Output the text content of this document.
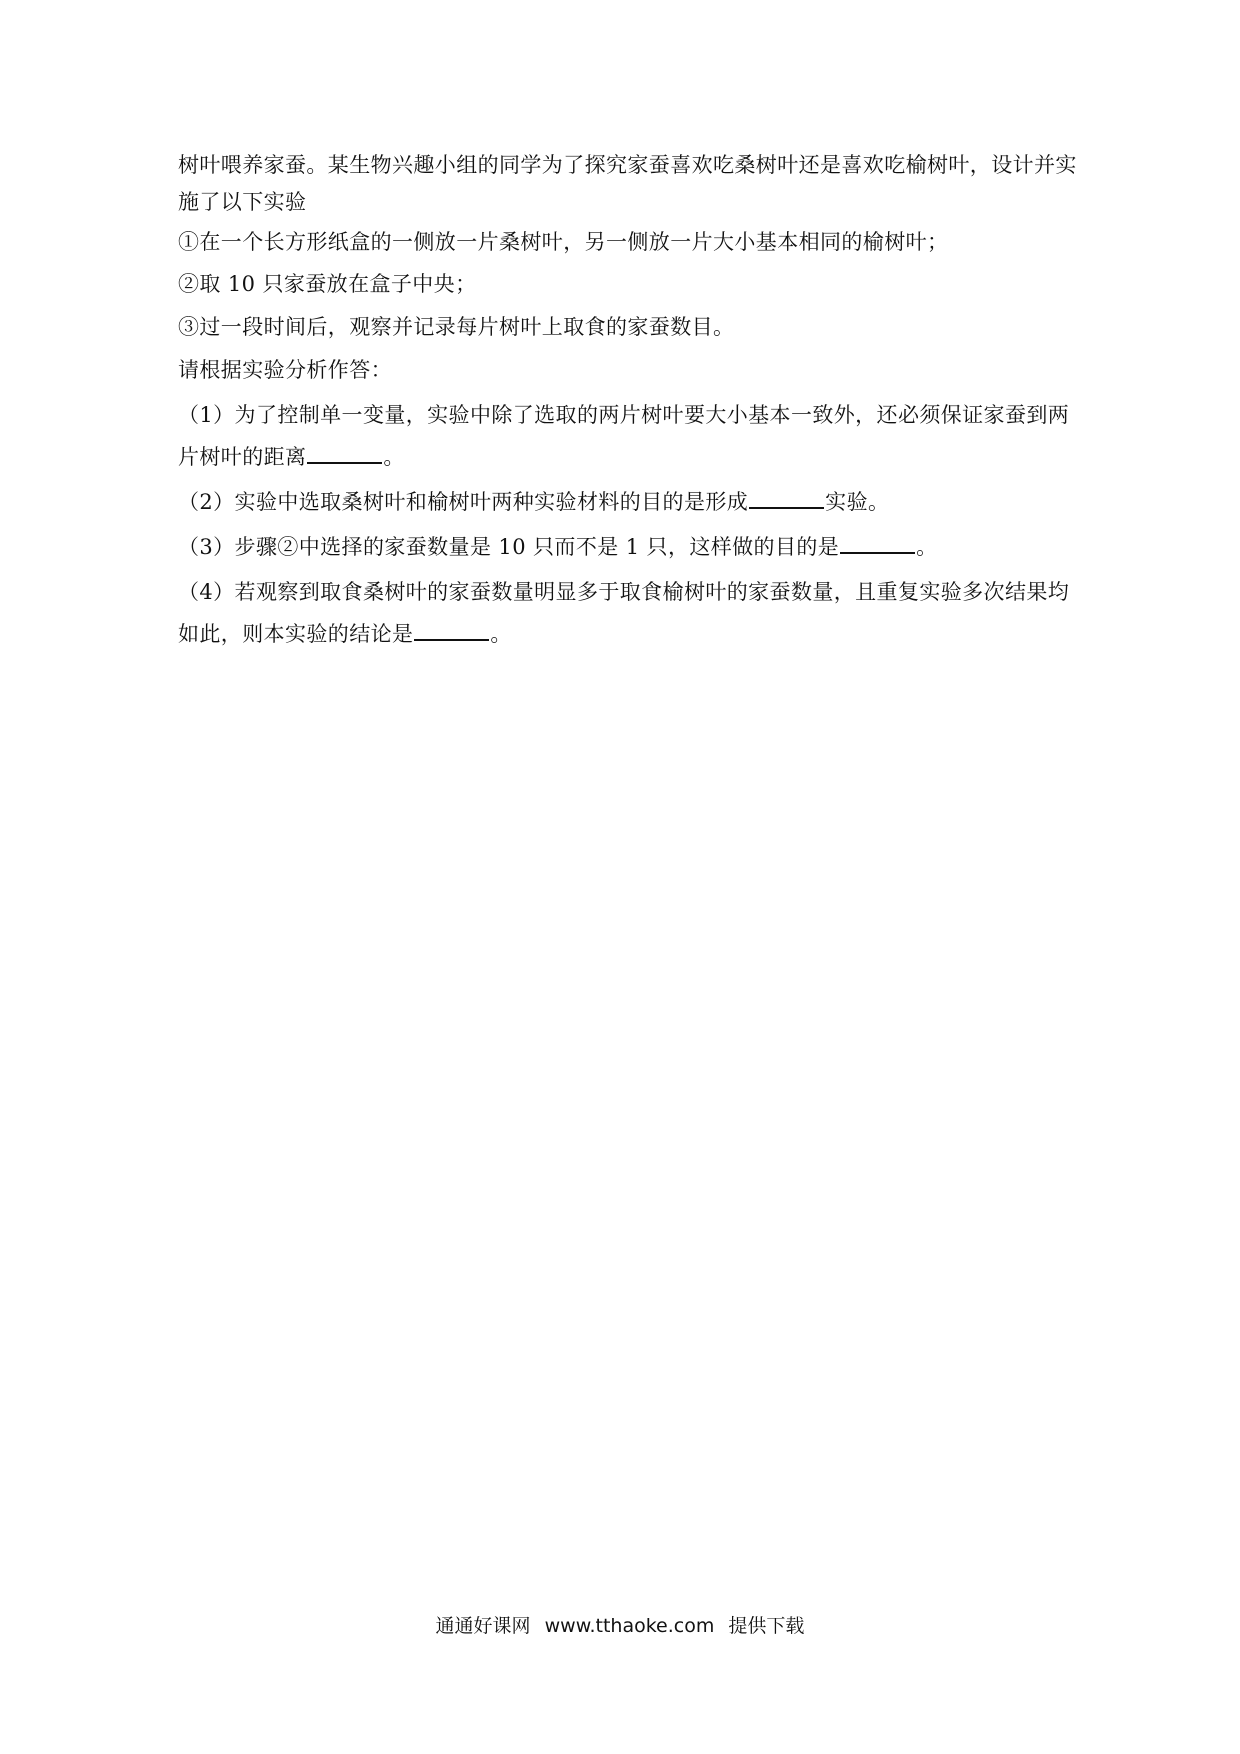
树叶喂养家蚕。某生物兴趣小组的同学为了探究家蚕喜欢吃桑树叶还是喜欢吃榆树叶，设计并实
施了以下实验
①在一个长方形纸盒的一侧放一片桑树叶，另一侧放一片大小基本相同的榆树叶；
②取 10 只家蚕放在盒子中央；
③过一段时间后，观察并记录每片树叶上取食的家蚕数目。
请根据实验分析作答：
（1）为了控制单一变量，实验中除了选取的两片树叶要大小基本一致外，还必须保证家蚕到两
片树叶的距离	。
（2）实验中选取桑树叶和榆树叶两种实验材料的目的是形成	实验。
（3）步骤②中选择的家蚕数量是 10 只而不是 1 只，这样做的目的是	。
（4）若观察到取食桑树叶的家蚕数量明显多于取食榆树叶的家蚕数量，且重复实验多次结果均
如此，则本实验的结论是	。
通通好课网 www.tthaoke.com 提供下载
